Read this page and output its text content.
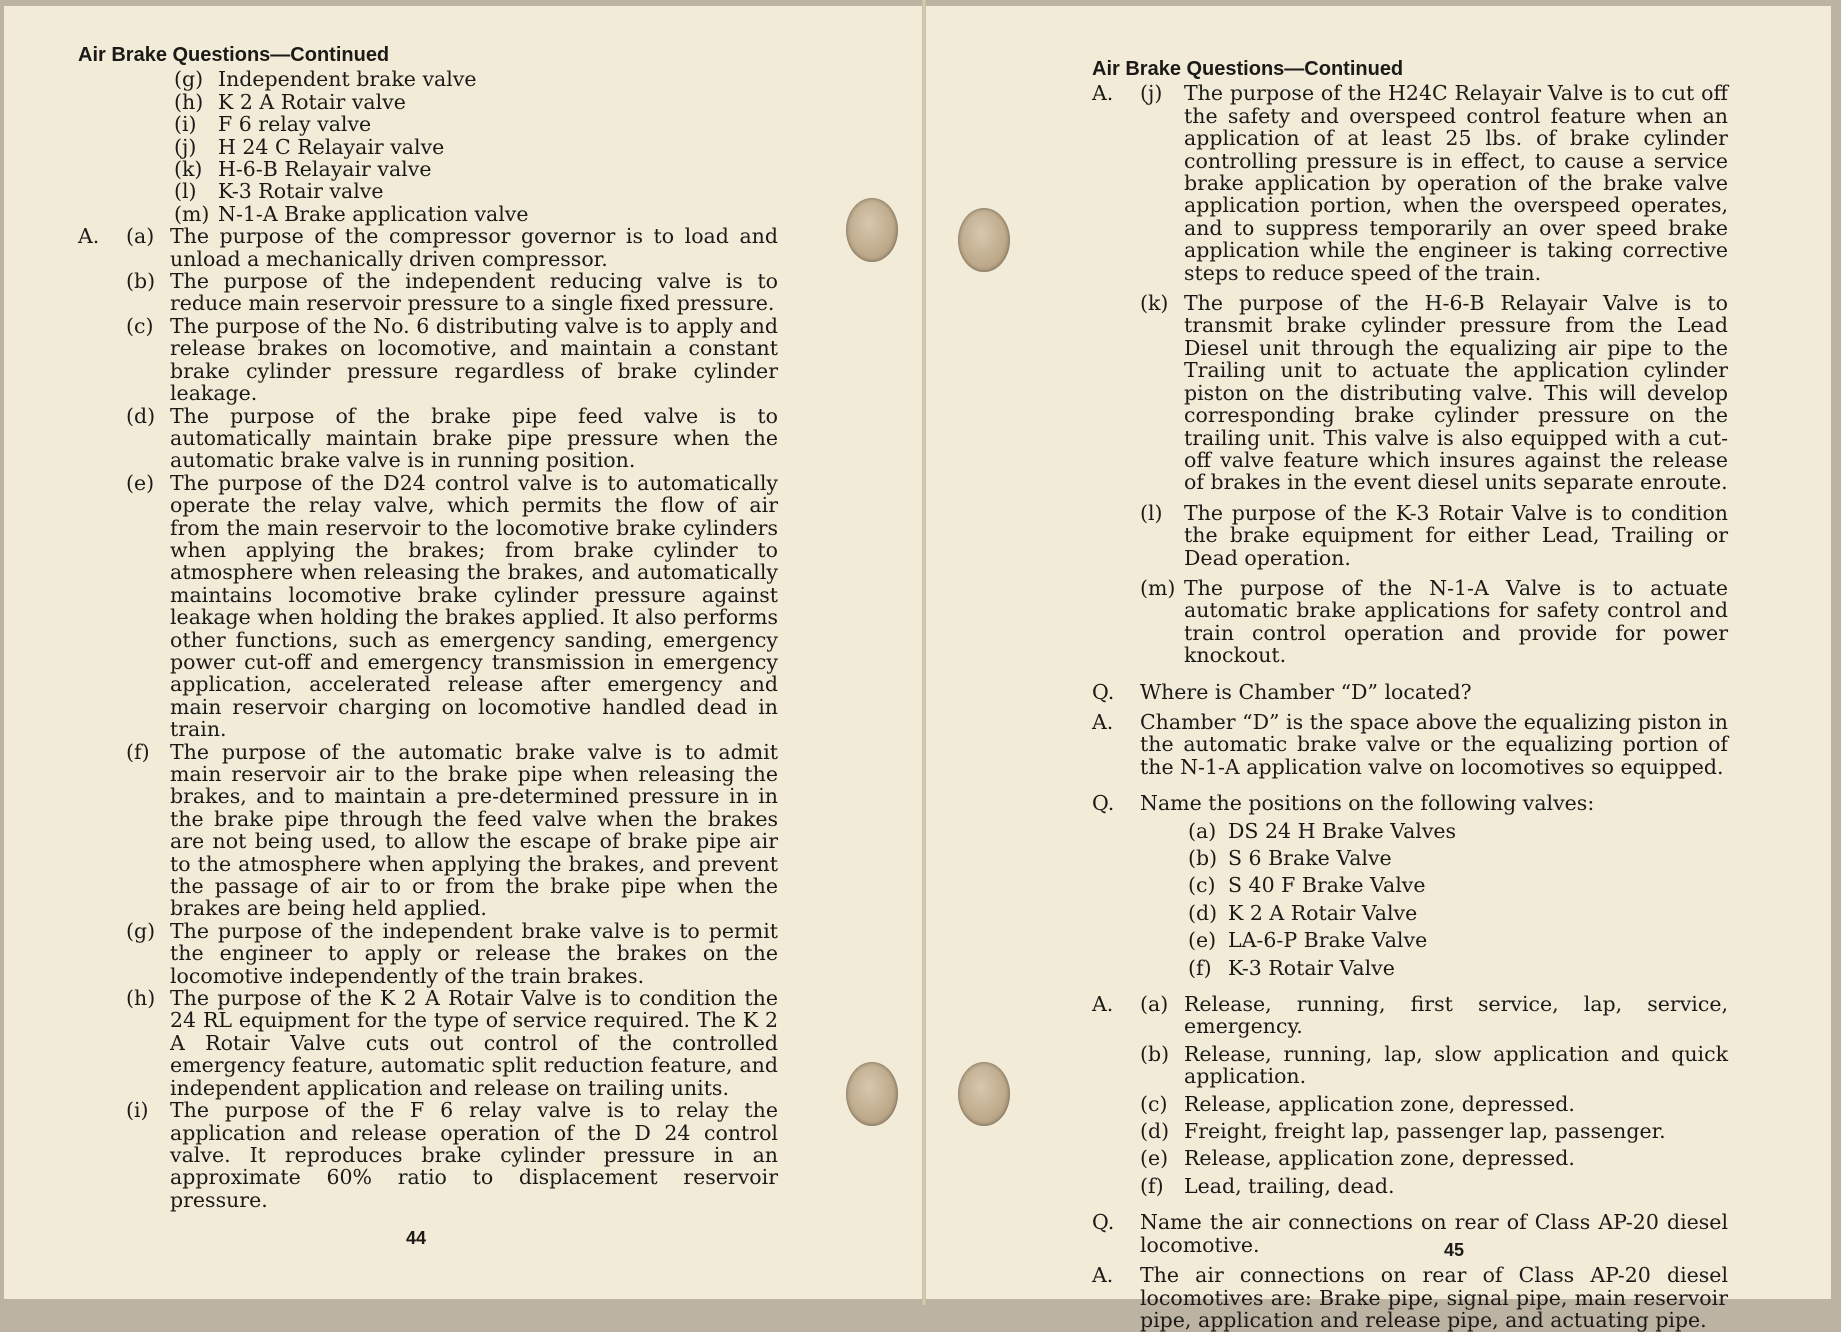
Air Brake Questions—Continued
(g) Independent brake valve
(h) K 2 A Rotair valve
(i)	F 6 relay valve
(j)	H 24 C Relayair valve
(k) H-6-B Relayair valve
(l)	K-3 Rotair valve
(m) N-1-A Brake application valve
A.	(a) The purpose of the compressor governor is to load and unload a mechanically driven compressor.
(b) The purpose of the independent reducing valve is to reduce main reservoir pressure to a single fixed pressure.
(c) The purpose of the No. 6 distributing valve is to apply and release brakes on locomotive, and maintain a constant brake cylinder pressure regardless of brake cylinder leakage.
(d) The purpose of the brake pipe feed valve is to automatically maintain brake pipe pressure when the automatic brake valve is in running position.
(e) The purpose of the D24 control valve is to automatically operate the relay valve, which permits the flow of air from the main reservoir to the locomotive brake cylinders when applying the brakes; from brake cylinder to atmosphere when releasing the brakes, and automatically maintains locomotive brake cylinder pressure against leakage when holding the brakes applied. It also performs other functions, such as emergency sanding, emergency power cut-off and emergency transmission in emergency application, accelerated release after emergency and main reservoir charging on locomotive handled dead in train.
(f) The purpose of the automatic brake valve is to admit main reservoir air to the brake pipe when releasing the brakes, and to maintain a pre-determined pressure in in the brake pipe through the feed valve when the brakes are not being used, to allow the escape of brake pipe air to the atmosphere when applying the brakes, and prevent the passage of air to or from the brake pipe when the brakes are being held applied.
(g) The purpose of the independent brake valve is to permit the engineer to apply or release the brakes on the locomotive independently of the train brakes.
(h) The purpose of the K 2 A Rotair Valve is to condition the 24 RL equipment for the type of service required. The K 2 A Rotair Valve cuts out control of the controlled emergency feature, automatic split reduction feature, and independent application and release on trailing units.
(i)	The purpose of the F 6 relay valve is to relay the application and release operation of the D 24 control valve. It reproduces brake cylinder pressure in an approximate 60% ratio to displacement reservoir pressure.
44
Air Brake Questions—Continued
A.	(j)	The purpose of the H24C Relayair Valve is to cut off the safety and overspeed control feature when an application of at least 25 lbs. of brake cylinder controlling pressure is in effect, to cause a service brake application by operation of the brake valve application portion, when the overspeed operates, and to suppress temporarily an over speed brake application while the engineer is taking corrective steps to reduce speed of the train.
(k) The purpose of the H-6-B Relayair Valve is to transmit brake cylinder pressure from the Lead Diesel unit through the equalizing air pipe to the Trailing unit to actuate the application cylinder piston on the distributing valve. This will develop corresponding brake cylinder pressure on the trailing unit. This valve is also equipped with a cut-off valve feature which insures against the release of brakes in the event diesel units separate enroute.
(l)	The purpose of the K-3 Rotair Valve is to condition the brake equipment for either Lead, Trailing or Dead operation.
(m) The purpose of the N-1-A Valve is to actuate automatic brake applications for safety control and train control operation and provide for power knockout.
Q.	Where is Chamber “D” located?
A.	Chamber “D” is the space above the equalizing piston in the automatic brake valve or the equalizing portion of the N-1-A application valve on locomotives so equipped.
Q.	Name the positions on the following valves:
(a) DS 24 H Brake Valves
(b) S 6 Brake Valve
(c) S 40 F Brake Valve
(d) K 2 A Rotair Valve
(e) LA-6-P Brake Valve
(f) K-3 Rotair Valve
A.	(a) Release, running, first service, lap, service, emergency.
(b) Release, running, lap, slow application and quick application.
(c) Release, application zone, depressed.
(d) Freight, freight lap, passenger lap, passenger.
(e) Release, application zone, depressed.
(f) Lead, trailing, dead.
Q.	Name the air connections on rear of Class AP-20 diesel locomotive.
A.	The air connections on rear of Class AP-20 diesel locomotives are: Brake pipe, signal pipe, main reservoir pipe, application and release pipe, and actuating pipe.
45
